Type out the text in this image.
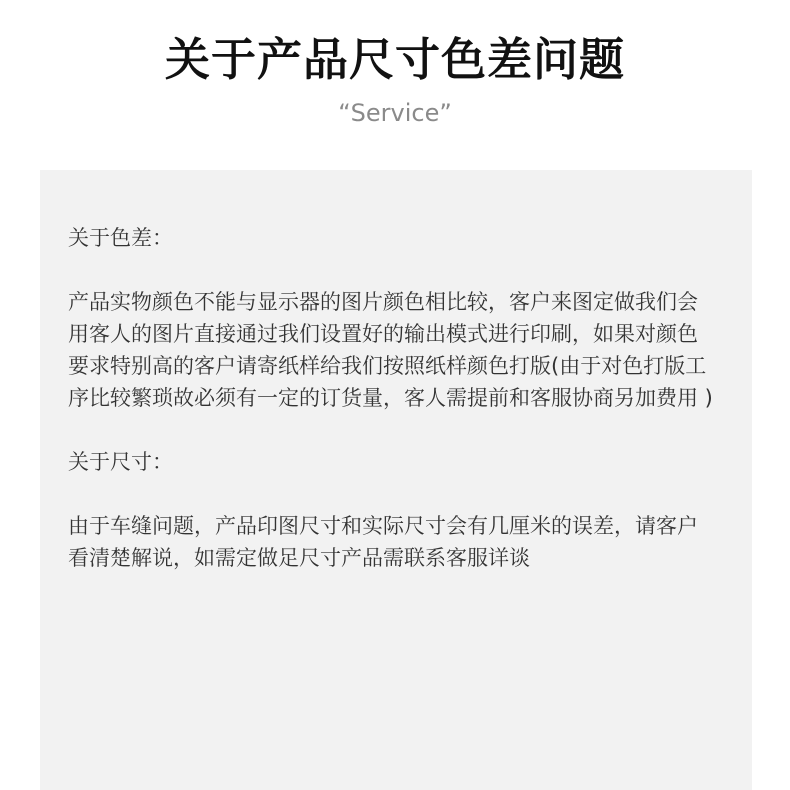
关于产品尺寸色差问题

“Service”

关于色差：

产品实物颜色不能与显示器的图片颜色相比较，客户来图定做我们会用客人的图片直接通过我们设置好的输出模式进行印刷，如果对颜色要求特别高的客户请寄纸样给我们按照纸样颜色打版(由于对色打版工序比较繁琐故必须有一定的订货量，客人需提前和客服协商另加费用 )

关于尺寸：

由于车缝问题，产品印图尺寸和实际尺寸会有几厘米的误差，请客户看清楚解说，如需定做足尺寸产品需联系客服详谈
